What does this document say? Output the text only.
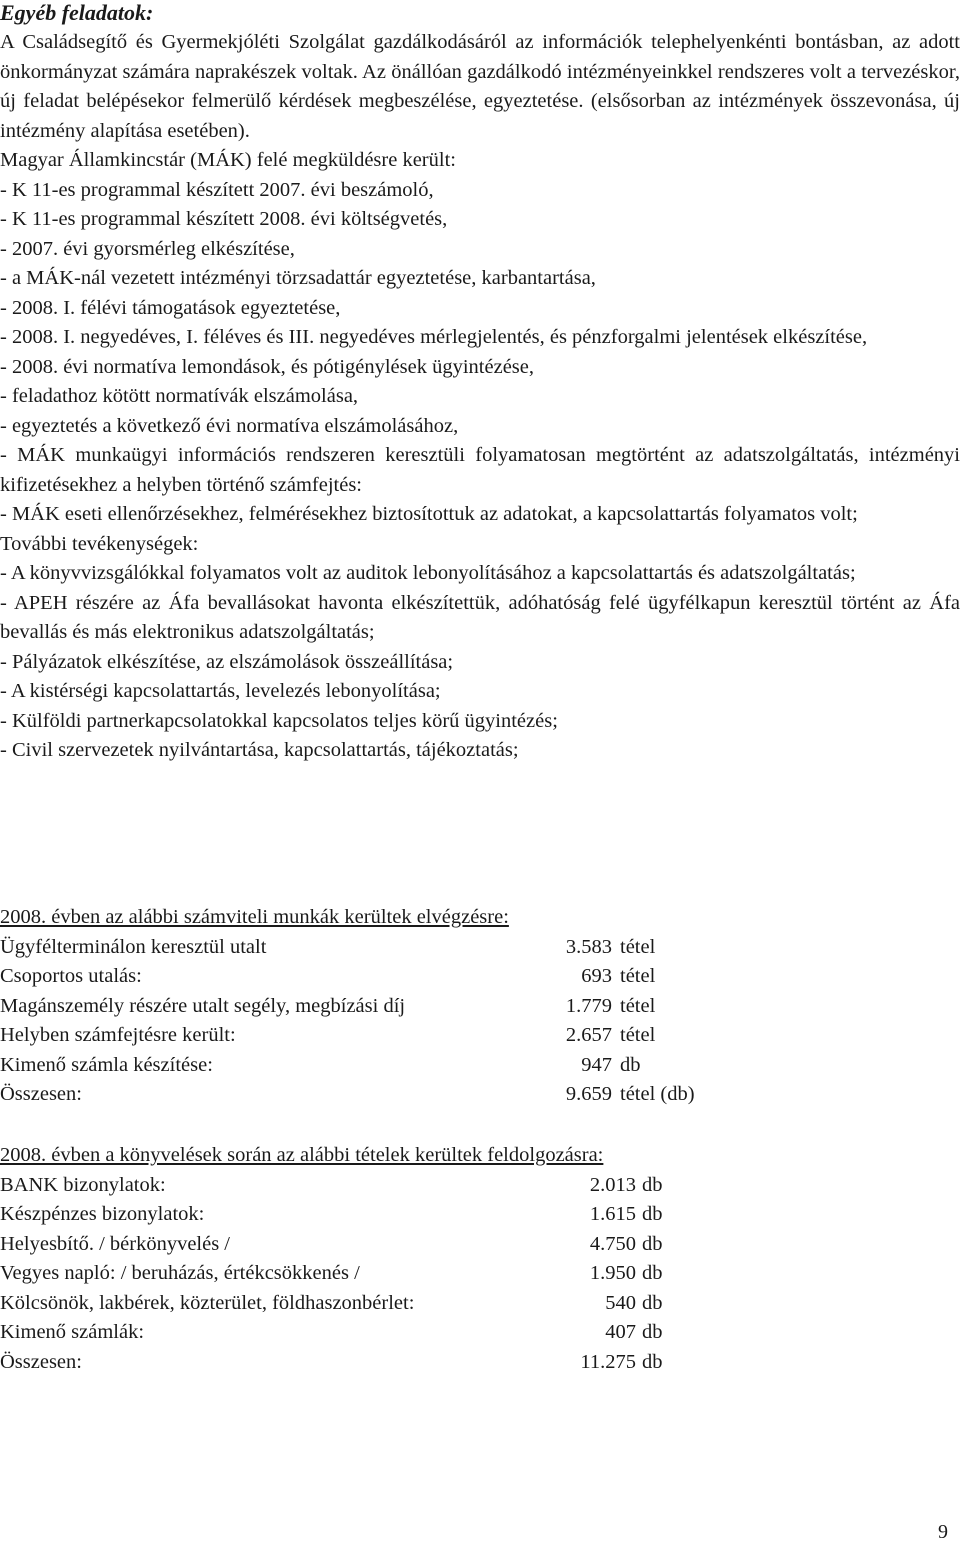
Egyéb feladatok:

A Családsegítő és Gyermekjóléti Szolgálat gazdálkodásáról az információk telephelyenkénti bontásban, az adott önkormányzat számára naprakészek voltak. Az önállóan gazdálkodó intézményeinkkel rendszeres volt a tervezéskor, új feladat belépésekor felmerülő kérdések megbeszélése, egyeztetése. (elsősorban az intézmények összevonása, új intézmény alapítása esetében).

Magyar Államkincstár (MÁK) felé megküldésre került:

- K 11-es programmal készített 2007. évi beszámoló,

- K 11-es programmal készített 2008. évi költségvetés,

- 2007. évi gyorsmérleg elkészítése,

- a MÁK-nál vezetett intézményi törzsadattár egyeztetése, karbantartása,

- 2008. I. félévi támogatások egyeztetése,

- 2008. I. negyedéves, I. féléves és III. negyedéves mérlegjelentés, és pénzforgalmi jelentések elkészítése,

- 2008. évi normatíva lemondások, és pótigénylések ügyintézése,

- feladathoz kötött normatívák elszámolása,

- egyeztetés a következő évi normatíva elszámolásához,

- MÁK munkaügyi információs rendszeren keresztüli folyamatosan megtörtént az adatszolgáltatás, intézményi kifizetésekhez a helyben történő számfejtés:

- MÁK eseti ellenőrzésekhez, felmérésekhez biztosítottuk az adatokat, a kapcsolattartás folyamatos volt;

További tevékenységek:

- A könyvvizsgálókkal folyamatos volt az auditok lebonyolításához a kapcsolattartás és adatszolgáltatás;

- APEH részére az Áfa bevallásokat havonta elkészítettük, adóhatóság felé ügyfélkapun keresztül történt az Áfa bevallás és más elektronikus adatszolgáltatás;

- Pályázatok elkészítése, az elszámolások összeállítása;

- A kistérségi kapcsolattartás, levelezés lebonyolítása;

- Külföldi partnerkapcsolatokkal kapcsolatos teljes körű ügyintézés;

- Civil szervezetek nyilvántartása, kapcsolattartás, tájékoztatás;

2008. évben az alábbi számviteli munkák kerültek elvégzésre:
Ügyfélterminálon keresztül utalt	3.583 tétel
Csoportos utalás:	693 tétel
Magánszemély részére utalt segély, megbízási díj	1.779 tétel
Helyben számfejtésre került:	2.657 tétel
Kimenő számla készítése:	947 db
Összesen:	9.659 tétel (db)
2008. évben a könyvelések során az alábbi tételek kerültek feldolgozásra:
BANK bizonylatok:	2.013 db
Készpénzes bizonylatok:	1.615 db
Helyesbítő. / bérkönyvelés /	4.750 db
Vegyes napló: / beruházás, értékcsökkenés /	1.950 db
Kölcsönök, lakbérek, közterület, földhaszonbérlet:	540 db
Kimenő számlák:	407 db
Összesen:	11.275 db
9
